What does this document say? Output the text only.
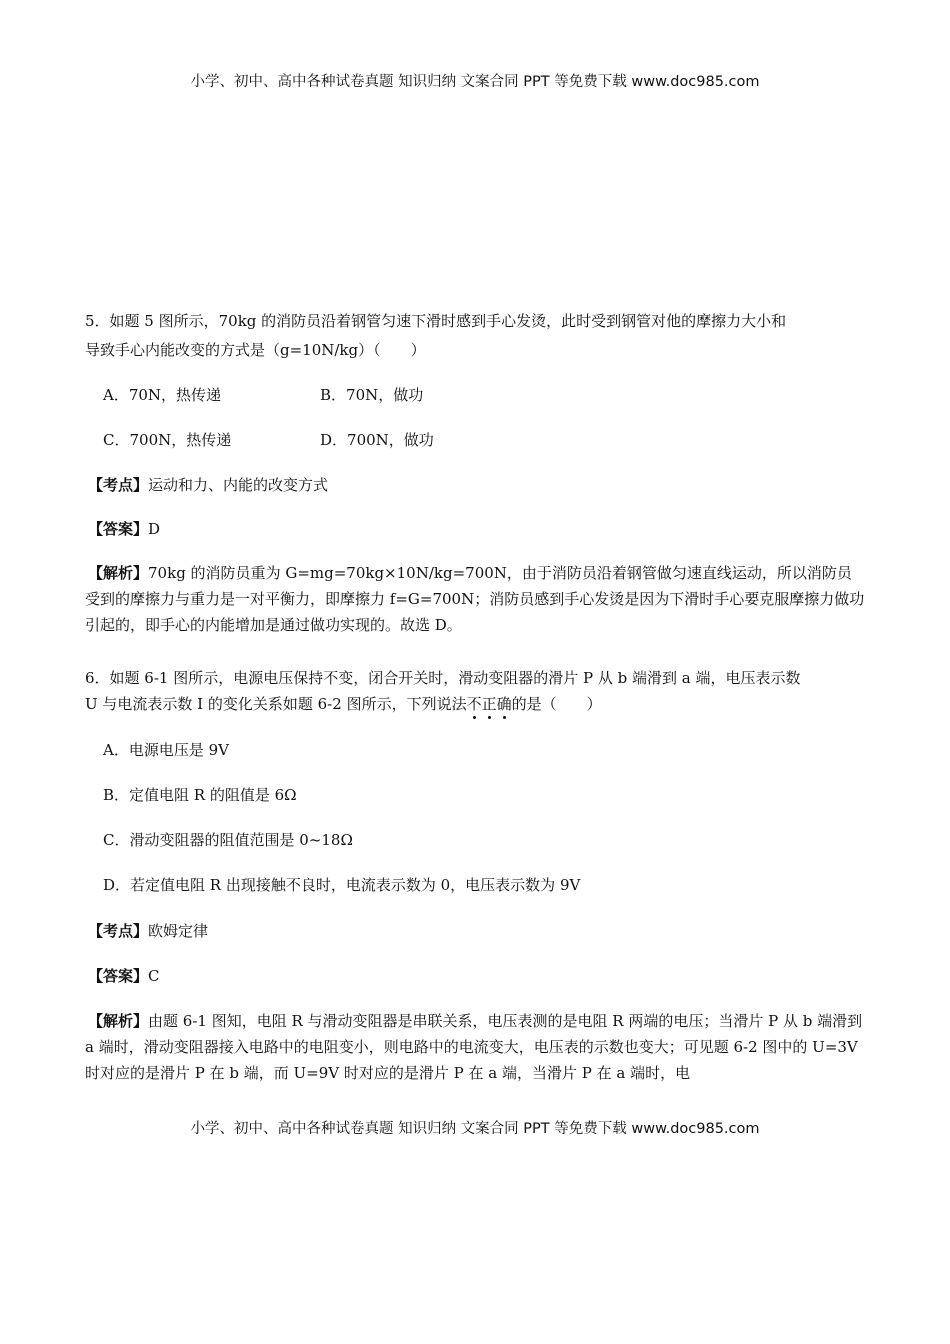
小学、初中、高中各种试卷真题 知识归纳 文案合同 PPT 等免费下载 www.doc985.com
5．如题 5 图所示，70kg 的消防员沿着钢管匀速下滑时感到手心发烫，此时受到钢管对他的摩擦力大小和
导致手心内能改变的方式是（g=10N/kg）（　　）
A．70N，热传递	B．70N，做功
C．700N，热传递	D．700N，做功
【考点】运动和力、内能的改变方式
【答案】D
【解析】70kg 的消防员重为 G=mg=70kg×10N/kg=700N，由于消防员沿着钢管做匀速直线运动，所以消防员受到的摩擦力与重力是一对平衡力，即摩擦力 f=G=700N；消防员感到手心发烫是因为下滑时手心要克服摩擦力做功引起的，即手心的内能增加是通过做功实现的。故选 D。
6．如题 6-1 图所示，电源电压保持不变，闭合开关时，滑动变阻器的滑片 P 从 b 端滑到 a 端，电压表示数
U 与电流表示数 I 的变化关系如题 6-2 图所示，下列说法不正确的是（　　）
A．电源电压是 9V
B．定值电阻 R 的阻值是 6Ω
C．滑动变阻器的阻值范围是 0~18Ω
D．若定值电阻 R 出现接触不良时，电流表示数为 0，电压表示数为 9V
【考点】欧姆定律
【答案】C
【解析】由题 6-1 图知，电阻 R 与滑动变阻器是串联关系，电压表测的是电阻 R 两端的电压；当滑片 P 从 b 端滑到 a 端时，滑动变阻器接入电路中的电阻变小，则电路中的电流变大，电压表的示数也变大；可见题 6-2 图中的 U=3V 时对应的是滑片 P 在 b 端，而 U=9V 时对应的是滑片 P 在 a 端，当滑片 P 在 a 端时，电
小学、初中、高中各种试卷真题 知识归纳 文案合同 PPT 等免费下载 www.doc985.com
